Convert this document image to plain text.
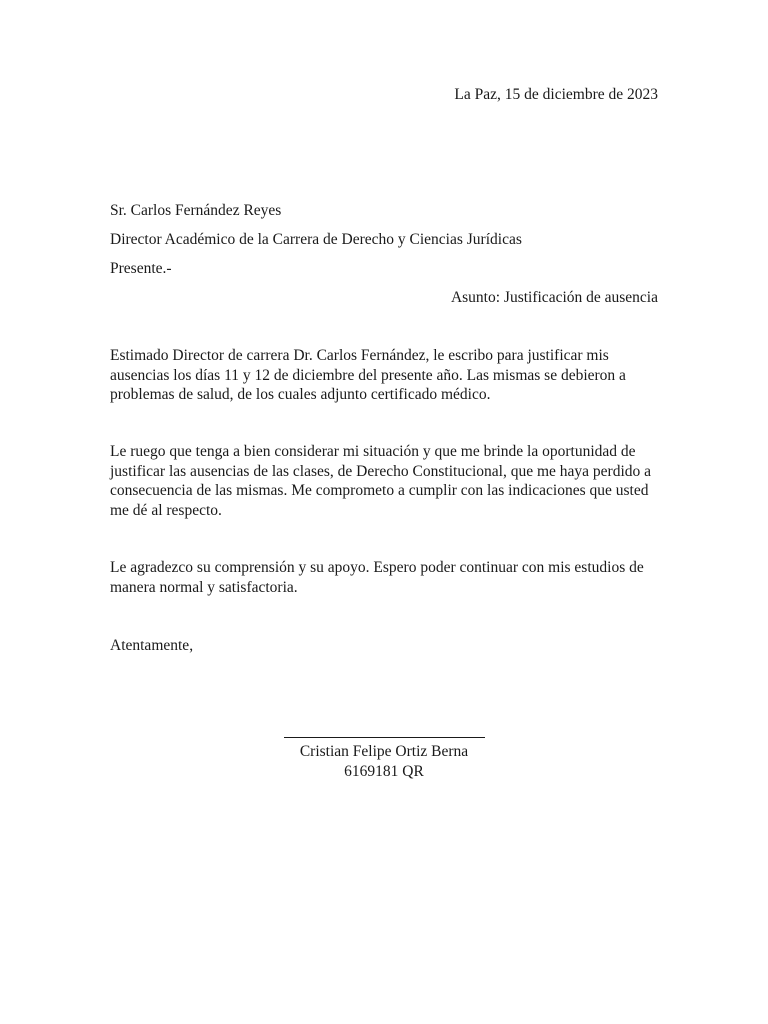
La Paz, 15 de diciembre de 2023
Sr. Carlos Fernández Reyes
Director Académico de la Carrera de Derecho y Ciencias Jurídicas
Presente.-
Asunto: Justificación de ausencia

Estimado Director de carrera Dr. Carlos Fernández, le escribo para justificar mis

ausencias los días 11 y 12 de diciembre del presente año. Las mismas se debieron a

problemas de salud, de los cuales adjunto certificado médico.

Le ruego que tenga a bien considerar mi situación y que me brinde la oportunidad de

justificar las ausencias de las clases, de Derecho Constitucional, que me haya perdido a

consecuencia de las mismas. Me comprometo a cumplir con las indicaciones que usted

me dé al respecto.

Le agradezco su comprensión y su apoyo. Espero poder continuar con mis estudios de

manera normal y satisfactoria.

Atentamente,
Cristian Felipe Ortiz Berna
6169181 QR
